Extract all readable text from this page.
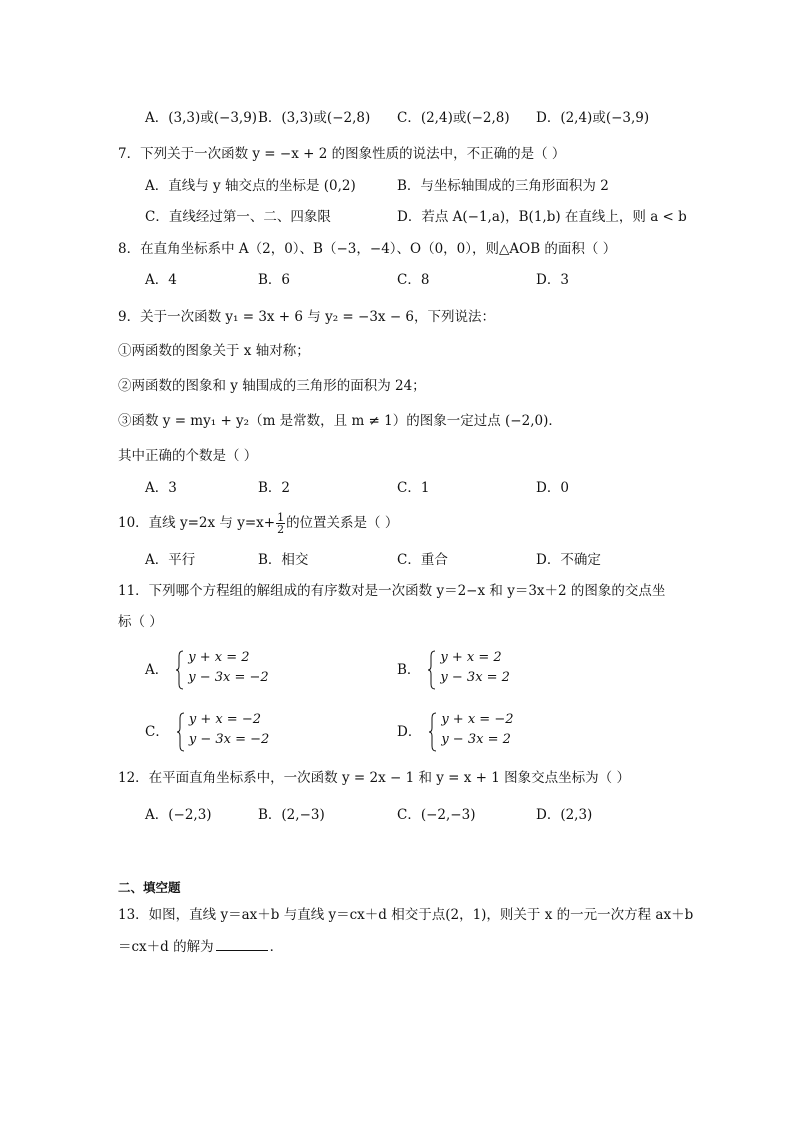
A．(3,3)或(−3,9) B．(3,3)或(−2,8) C．(2,4)或(−2,8) D．(2,4)或(−3,9)
7．下列关于一次函数 y = −x + 2 的图象性质的说法中，不正确的是（ ）
A．直线与 y 轴交点的坐标是 (0,2)	B．与坐标轴围成的三角形面积为 2
C．直线经过第一、二、四象限	D．若点 A(−1,a)，B(1,b) 在直线上，则 a < b
8．在直角坐标系中 A（2，0）、B（−3，−4）、O（0，0），则△AOB 的面积（ ）
A．4	B．6	C．8	D．3
9．关于一次函数 y₁ = 3x + 6 与 y₂ = −3x − 6，下列说法：
①两函数的图象关于 x 轴对称；
②两函数的图象和 y 轴围成的三角形的面积为 24；
③函数 y = my₁ + y₂（m 是常数，且 m ≠ 1）的图象一定过点 (−2,0)．
其中正确的个数是（ ）
A．3	B．2	C．1	D．0
10．直线 y=2x 与 $y=x+ \frac{1}{2}$ 的位置关系是（ ）
A．平行	B．相交	C．重合	D．不确定
11．下列哪个方程组的解组成的有序数对是一次函数 y＝2−x 和 y＝3x＋2 的图象的交点坐
标（ ）
A．
y + x = 2
y − 3x = −2	B．
y + x = 2
y − 3x = 2
C．
y + x = −2
y − 3x = −2	D．
y + x = −2
y − 3x = 2
12．在平面直角坐标系中，一次函数 y = 2x − 1 和 y = x + 1 图象交点坐标为（ ）
A．(−2,3)	B．(2,−3)	C．(−2,−3)	D．(2,3)
二、填空题
13．如图，直线 y＝ax＋b 与直线 y＝cx＋d 相交于点(2，1)，则关于 x 的一元一次方程 ax＋b
＝cx＋d 的解为	．
